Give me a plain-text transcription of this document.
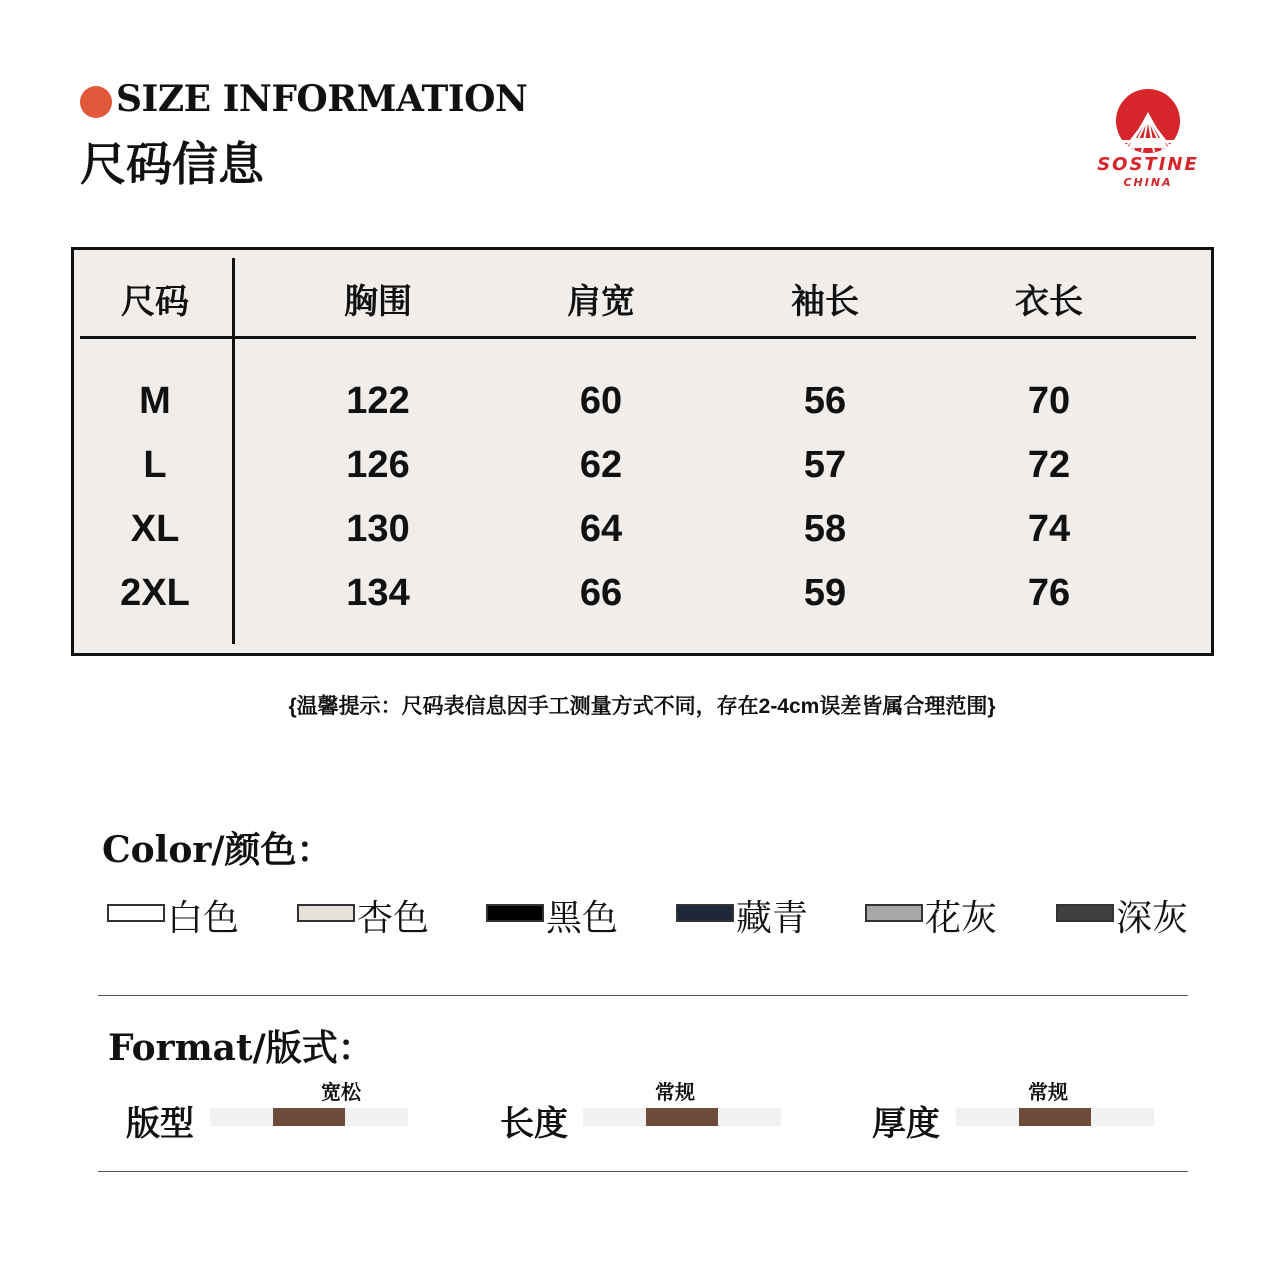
SIZE INFORMATION
尺码信息	SOSTINE
CHINA
尺码	胸围	肩宽	袖长	衣长
M	122	60	56	70
L	126	62	57	72
XL	130	64	58	74
2XL	134	66	59	76
{温馨提示：尺码表信息因手工测量方式不同，存在2-4cm误差皆属合理范围}
Color/颜色：
白色	杏色	黑色	藏青	花灰	深灰
Format/版式：
版型
宽松
长度
常规
厚度
常规
